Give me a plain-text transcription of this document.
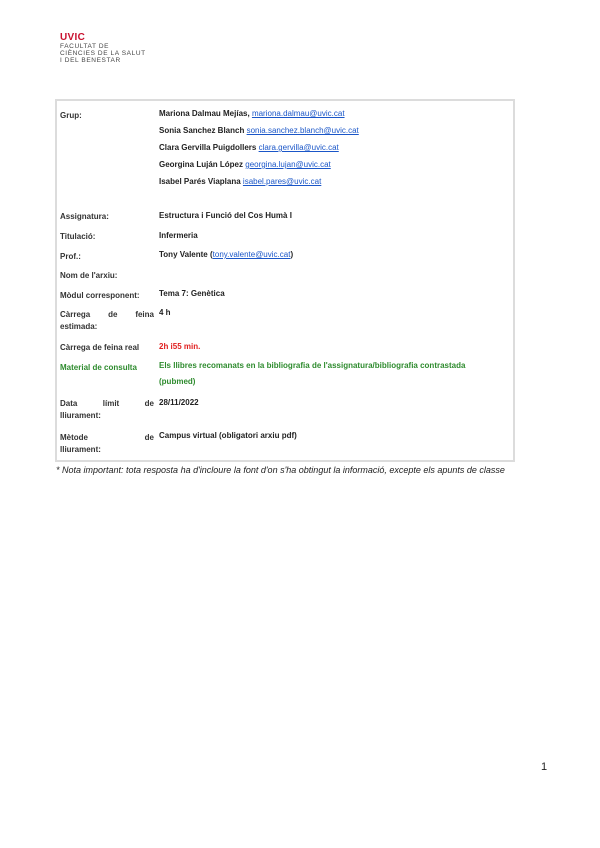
UVIC
FACULTAT DE
CIÈNCIES DE LA SALUT
I DEL BENESTAR
Grup:	Mariona Dalmau Mejías, mariona.dalmau@uvic.cat
Sonia Sanchez Blanch sonia.sanchez.blanch@uvic.cat
Clara Gervilla Puigdollers clara.gervilla@uvic.cat
Georgina Luján López georgina.lujan@uvic.cat
Isabel Parés Viaplana isabel.pares@uvic.cat
Assignatura:	Estructura i Funció del Cos Humà I
Titulació:	Infermeria
Prof.:	Tony Valente (tony.valente@uvic.cat)
Nom de l'arxiu:
Mòdul corresponent:	Tema 7: Genètica
Càrrega de feina
estimada:
4 h
Càrrega de feina real	2h i55 min.
Material de consulta	Els llibres recomanats en la bibliografia de l'assignatura/bibliografia contrastada
(pubmed)
Data límit de
lliurament:
28/11/2022
Mètode de
lliurament:
Campus virtual (obligatori arxiu pdf)
* Nota important: tota resposta ha d'incloure la font d'on s'ha obtingut la informació, excepte els apunts de classe
1
